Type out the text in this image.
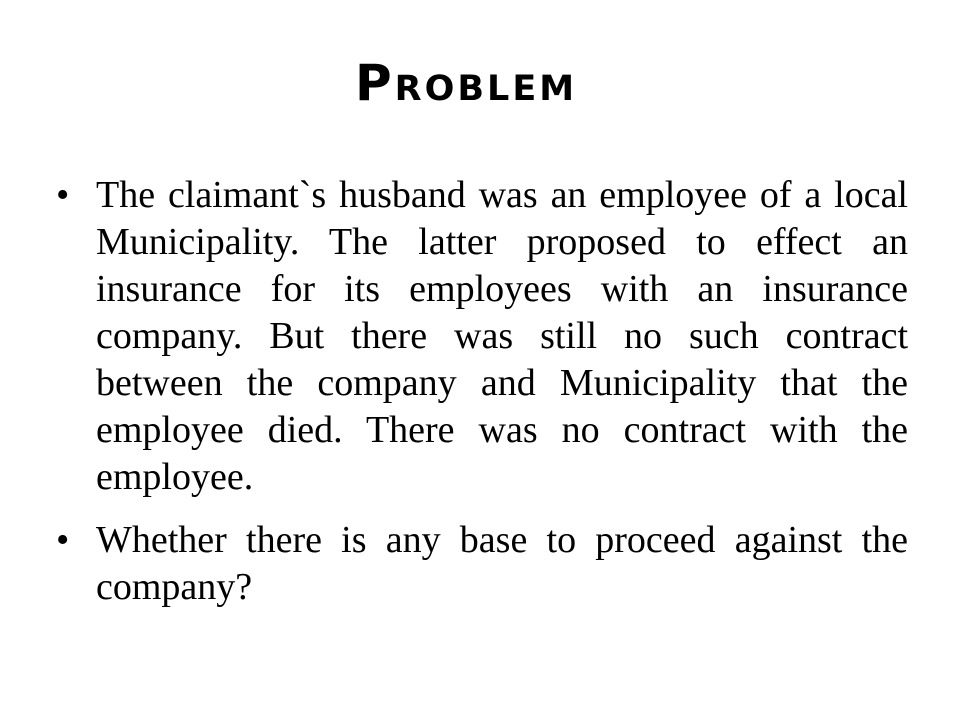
Problem
• The claimant`s husband was an employee of a local Municipality. The latter proposed to effect an insurance for its employees with an insurance company. But there was still no such contract between the company and Municipality that the employee died. There was no contract with the employee.
• Whether there is any base to proceed against the company?
